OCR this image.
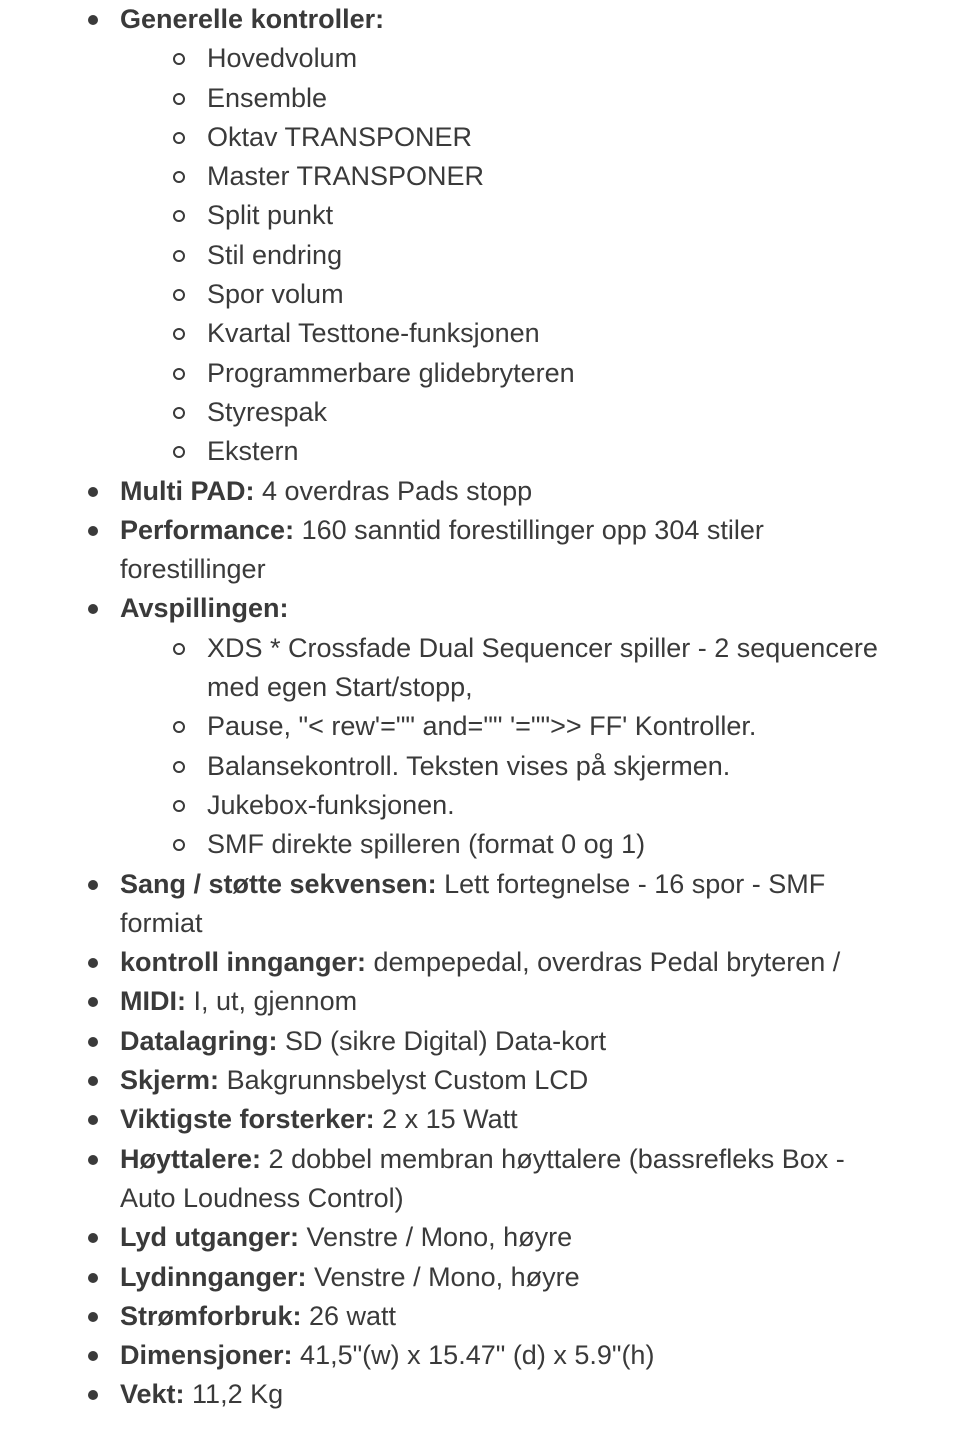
Generelle kontroller:
Hovedvolum
Ensemble
Oktav TRANSPONER
Master TRANSPONER
Split punkt
Stil endring
Spor volum
Kvartal Testtone-funksjonen
Programmerbare glidebryteren
Styrespak
Ekstern
Multi PAD: 4 overdras Pads stopp
Performance: 160 sanntid forestillinger opp 304 stiler forestillinger
Avspillingen:
XDS * Crossfade Dual Sequencer spiller - 2 sequencere med egen Start/stopp,
Pause, "< rew'="" and="" '="">> FF' Kontroller.
Balansekontroll. Teksten vises på skjermen.
Jukebox-funksjonen.
SMF direkte spilleren (format 0 og 1)
Sang / støtte sekvensen: Lett fortegnelse - 16 spor - SMF formiat
kontroll innganger: dempepedal, overdras Pedal bryteren /
MIDI: I, ut, gjennom
Datalagring: SD (sikre Digital) Data-kort
Skjerm: Bakgrunnsbelyst Custom LCD
Viktigste forsterker: 2 x 15 Watt
Høyttalere: 2 dobbel membran høyttalere (bassrefleks Box - Auto Loudness Control)
Lyd utganger: Venstre / Mono, høyre
Lydinnganger: Venstre / Mono, høyre
Strømforbruk: 26 watt
Dimensjoner: 41,5"(w) x 15.47" (d) x 5.9"(h)
Vekt: 11,2 Kg
